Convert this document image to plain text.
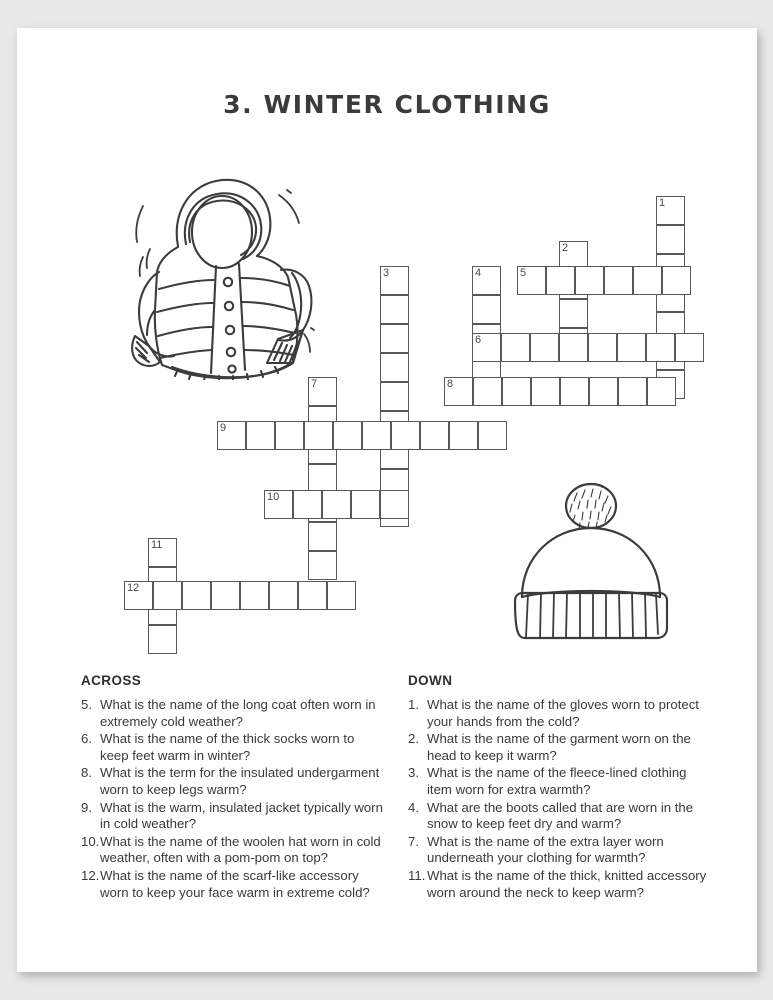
3. WINTER CLOTHING
1
2
3	4	5
6
7	8
9
10
11
12
ACROSS
5. What is the name of the long coat often worn in extremely cold weather?
6. What is the name of the thick socks worn to keep feet warm in winter?
8. What is the term for the insulated undergarment worn to keep legs warm?
9. What is the warm, insulated jacket typically worn in cold weather?
10. What is the name of the woolen hat worn in cold weather, often with a pom-pom on top?
12. What is the name of the scarf-like accessory worn to keep your face warm in extreme cold?
DOWN
1. What is the name of the gloves worn to protect your hands from the cold?
2. What is the name of the garment worn on the head to keep it warm?
3. What is the name of the fleece-lined clothing item worn for extra warmth?
4. What are the boots called that are worn in the snow to keep feet dry and warm?
7. What is the name of the extra layer worn underneath your clothing for warmth?
11. What is the name of the thick, knitted accessory worn around the neck to keep warm?
